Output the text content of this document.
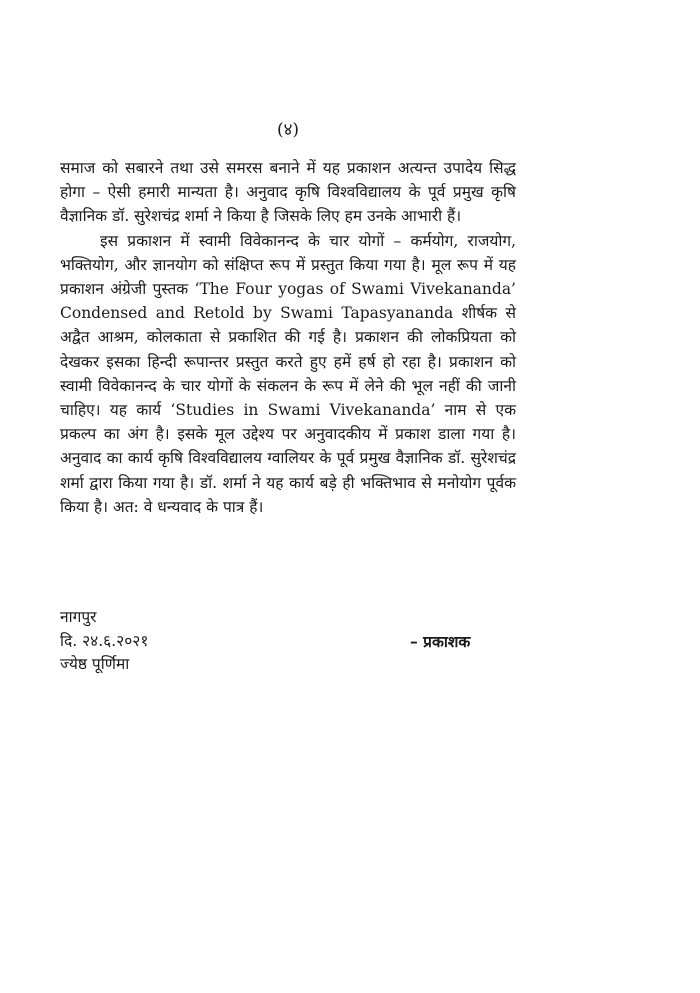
(४)

समाज को सबारने तथा उसे समरस बनाने में यह प्रकाशन अत्यन्त उपादेय सिद्ध होगा – ऐसी हमारी मान्यता है। अनुवाद कृषि विश्वविद्यालय के पूर्व प्रमुख कृषि वैज्ञानिक डॉ. सुरेशचंद्र शर्मा ने किया है जिसके लिए हम उनके आभारी हैं।

इस प्रकाशन में स्वामी विवेकानन्द के चार योगों – कर्मयोग, राजयोग, भक्तियोग, और ज्ञानयोग को संक्षिप्त रूप में प्रस्तुत किया गया है। मूल रूप में यह प्रकाशन अंग्रेजी पुस्तक ‘The Four yogas of Swami Vivekananda’ Condensed and Retold by Swami Tapasyananda शीर्षक से अद्वैत आश्रम, कोलकाता से प्रकाशित की गई है। प्रकाशन की लोकप्रियता को देखकर इसका हिन्दी रूपान्तर प्रस्तुत करते हुए हमें हर्ष हो रहा है। प्रकाशन को स्वामी विवेकानन्द के चार योगों के संकलन के रूप में लेने की भूल नहीं की जानी चाहिए। यह कार्य ‘Studies in Swami Vivekananda’ नाम से एक प्रकल्प का अंग है। इसके मूल उद्देश्य पर अनुवादकीय में प्रकाश डाला गया है। अनुवाद का कार्य कृषि विश्वविद्यालय ग्वालियर के पूर्व प्रमुख वैज्ञानिक डॉ. सुरेशचंद्र शर्मा द्वारा किया गया है। डॉ. शर्मा ने यह कार्य बड़े ही भक्तिभाव से मनोयोग पूर्वक किया है। अत: वे धन्यवाद के पात्र हैं।

नागपुर
दि. २४.६.२०२१	– प्रकाशक
ज्येष्ठ पूर्णिमा
